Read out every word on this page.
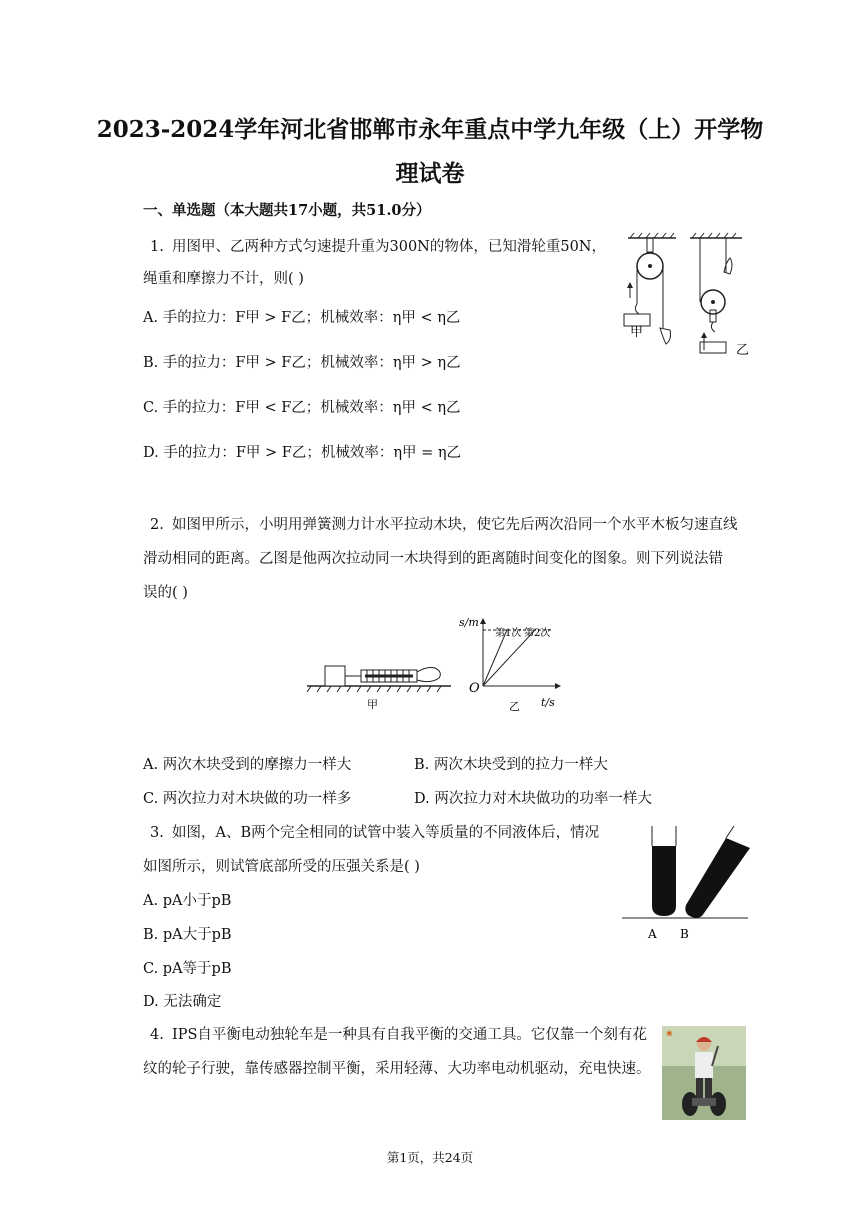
2023-2024学年河北省邯郸市永年重点中学九年级（上）开学物
理试卷
一、单选题（本大题共17小题，共51.0分）
1. 用图甲、乙两种方式匀速提升重为300N的物体，已知滑轮重50N，
绳重和摩擦力不计，则( )
A. 手的拉力：F甲 > F乙；机械效率：η甲 < η乙
B. 手的拉力：F甲 > F乙；机械效率：η甲 > η乙
C. 手的拉力：F甲 < F乙；机械效率：η甲 < η乙
D. 手的拉力：F甲 > F乙；机械效率：η甲 = η乙
甲
乙
2. 如图甲所示，小明用弹簧测力计水平拉动木块，使它先后两次沿同一个水平木板匀速直线
滑动相同的距离。乙图是他两次拉动同一木块得到的距离随时间变化的图象。则下列说法错
误的( )
甲
s/m
t/s
O
第1次 第2次
乙
A. 两次木块受到的摩擦力一样大	B. 两次木块受到的拉力一样大
C. 两次拉力对木块做的功一样多	D. 两次拉力对木块做功的功率一样大
3. 如图，A、B两个完全相同的试管中装入等质量的不同液体后，情况
如图所示，则试管底部所受的压强关系是( )
A. pA小于pB
B. pA大于pB
C. pA等于pB
D. 无法确定
A B
4. IPS自平衡电动独轮车是一种具有自我平衡的交通工具。它仅靠一个刻有花
纹的轮子行驶，靠传感器控制平衡，采用轻薄、大功率电动机驱动，充电快速。
❀
第1页，共24页
